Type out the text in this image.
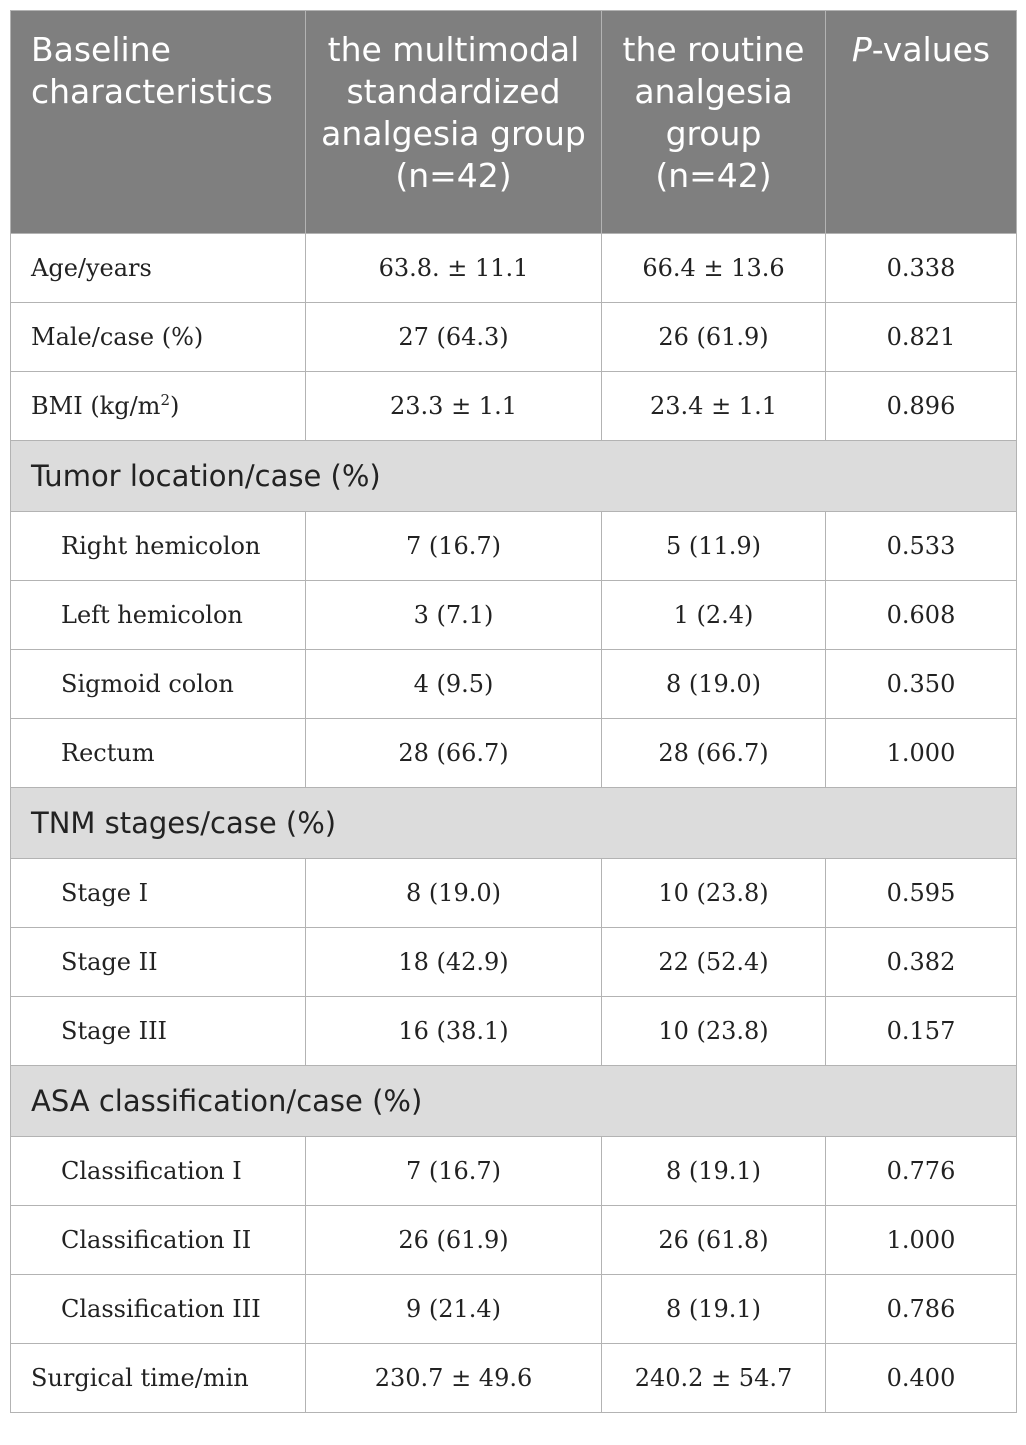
Baseline characteristics	the multimodal standardized analgesia group (n=42)	the routine analgesia group (n=42)	P-values
Age/years	63.8. ± 11.1	66.4 ± 13.6	0.338
Male/case (%)	27 (64.3)	26 (61.9)	0.821
BMI $(kg/m^2)$	23.3 ± 1.1	23.4 ± 1.1	0.896
Tumor location/case (%)			
Right hemicolon	7 (16.7)	5 (11.9)	0.533
Left hemicolon	3 (7.1)	1 (2.4)	0.608
Sigmoid colon	4 (9.5)	8 (19.0)	0.350
Rectum	28 (66.7)	28 (66.7)	1.000
TNM stages/case (%)			
Stage I	8 (19.0)	10 (23.8)	0.595
Stage II	18 (42.9)	22 (52.4)	0.382
Stage III	16 (38.1)	10 (23.8)	0.157
ASA classification/case (%)			
Classification I	7 (16.7)	8 (19.1)	0.776
Classification II	26 (61.9)	26 (61.8)	1.000
Classification III	9 (21.4)	8 (19.1)	0.786
Surgical time/min	230.7 ± 49.6	240.2 ± 54.7	0.400
